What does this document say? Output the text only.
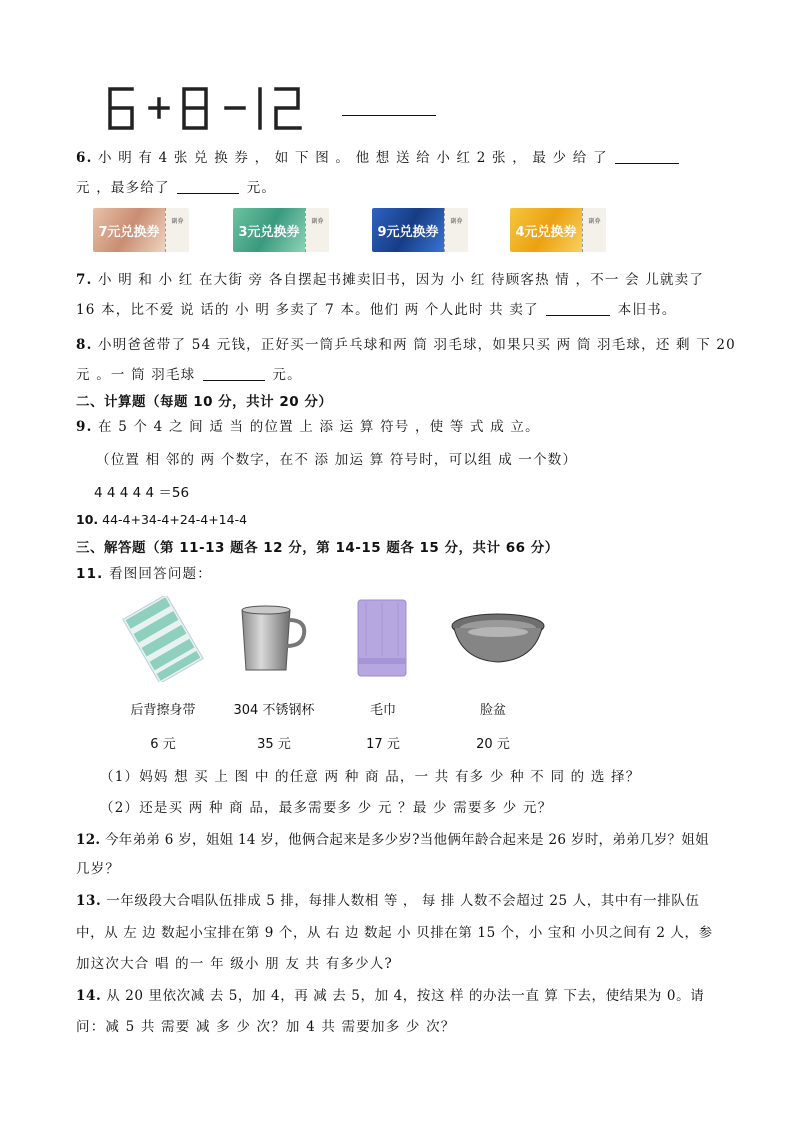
6. 小 明 有 4 张 兑 换 券 ， 如 下 图 。 他 想 送 给 小 红 2 张 ， 最 少 给 了
元 ，最多给了	元。
7元兑换券
副券
3元兑换券
副券
9元兑换券
副券
4元兑换券
副券
7. 小 明 和 小 红 在大街 旁 各自摆起书摊卖旧书，因为 小 红 待顾客热 情 ，不一 会 儿就卖了
16 本，比不爱 说 话的 小 明 多卖了 7 本。他们 两 个人此时 共 卖了	本旧书。
8. 小明爸爸带了 54 元钱，正好买一筒乒乓球和两 筒 羽毛球，如果只买 两 筒 羽毛球，还 剩 下 20
元 。一 筒 羽毛球	元。
二、计算题（每题 10 分，共计 20 分）
9. 在 5 个 4 之 间 适 当 的位置 上 添 运 算 符号 ，使 等 式 成 立。
（位置 相 邻的 两 个数字，在不 添 加运 算 符号时，可以组 成 一个数）
4 4 4 4 4 ＝56
10. 44-4+34-4+24-4+14-4
三、解答题（第 11-13 题各 12 分，第 14-15 题各 15 分，共计 66 分）
11. 看图回答问题：
后背擦身带
6 元
304 不锈钢杯
35 元
毛巾
17 元
脸盆
20 元
（1）妈妈 想 买 上 图 中 的任意 两 种 商 品，一 共 有多 少 种 不 同 的 选 择？
（2）还是买 两 种 商 品，最多需要多 少 元 ？最 少 需要多 少 元？
12. 今年弟弟 6 岁，姐姐 14 岁，他俩合起来是多少岁?当他俩年龄合起来是 26 岁时，弟弟几岁？姐姐
几岁？
13. 一年级段大合唱队伍排成 5 排，每排人数相 等 ， 每 排 人数不会超过 25 人，其中有一排队伍
中，从 左 边 数起小宝排在第 9 个，从 右 边 数起 小 贝排在第 15 个，小 宝和 小贝之间有 2 人，参
加这次大合 唱 的一 年 级小 朋 友 共 有多少人?
14. 从 20 里依次减 去 5，加 4，再 减 去 5，加 4，按这 样 的办法一直 算 下去，使结果为 0。请
问：减 5 共 需要 减 多 少 次？加 4 共 需要加多 少 次？
